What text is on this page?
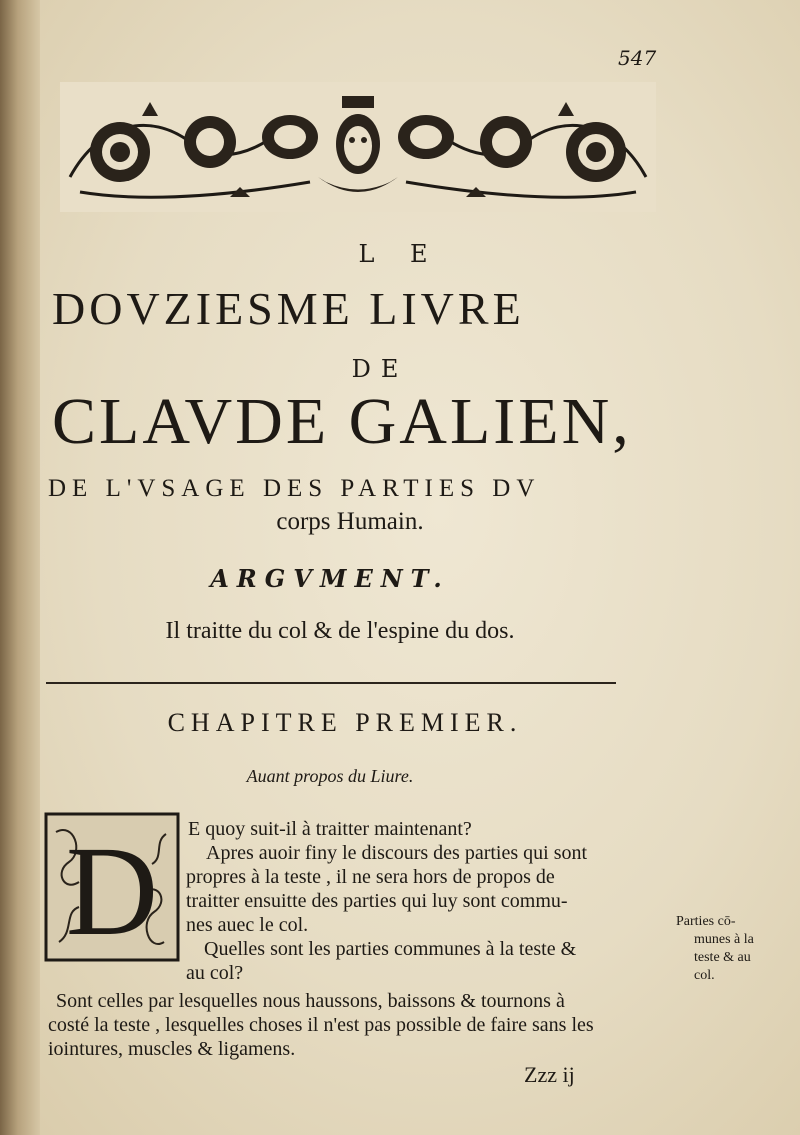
547
L E
DOVZIESME LIVRE
DE
CLAVDE GALIEN,
DE L'VSAGE DES PARTIES DV
corps Humain.
ARGVMENT.
Il traitte du col & de l'espine du dos.
CHAPITRE PREMIER.
Auant propos du Liure.
D E quoy suit-il à traitter maintenant?
Apres auoir finy le discours des parties qui sont
propres à la teste , il ne sera hors de propos de
traitter ensuitte des parties qui luy sont commu-
nes auec le col.
Quelles sont les parties communes à la teste &
au col?
Sont celles par lesquelles nous haussons, baissons & tournons à
costé la teste , lesquelles choses il n'est pas possible de faire sans les
iointures, muscles & ligamens.
Parties cō-
munes à la
teste & au
col.
Zzz ij
